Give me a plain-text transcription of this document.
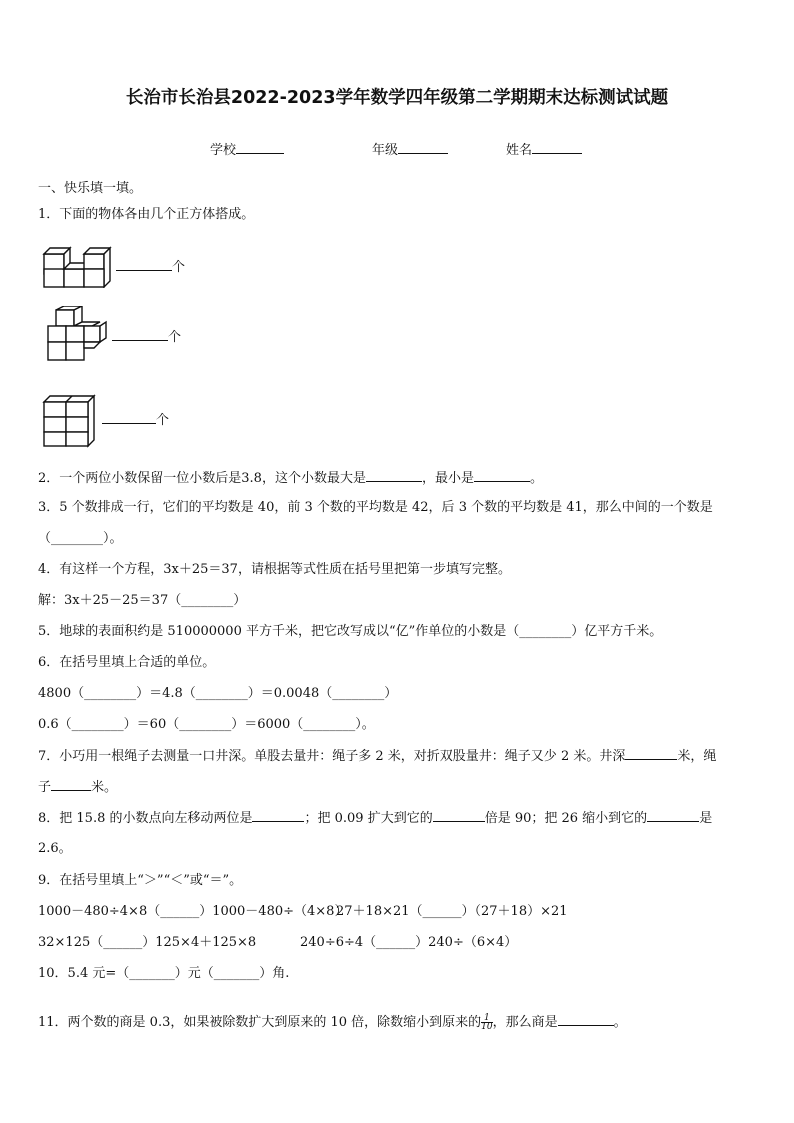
长治市长治县2022-2023学年数学四年级第二学期期末达标测试试题
学校	年级	姓名
一、快乐填一填。
1．下面的物体各由几个正方体搭成。
个
个
个
2．一个两位小数保留一位小数后是3.8，这个小数最大是	，最小是	。
3．5 个数排成一行，它们的平均数是 40，前 3 个数的平均数是 42，后 3 个数的平均数是 41，那么中间的一个数是
（________）。
4．有这样一个方程，3x＋25＝37，请根据等式性质在括号里把第一步填写完整。
解：3x＋25－25＝37（________）
5．地球的表面积约是 510000000 平方千米，把它改写成以“亿”作单位的小数是（________）亿平方千米。
6．在括号里填上合适的单位。
4800（________）＝4.8（________）＝0.0048（________）
0.6（________）＝60（________）＝6000（________）。
7．小巧用一根绳子去测量一口井深。单股去量井：绳子多 2 米，对折双股量井：绳子又少 2 米。井深	米，绳
子	米。
8．把 15.8 的小数点向左移动两位是	；把 0.09 扩大到它的	倍是 90；把 26 缩小到它的	是
2.6。
9．在括号里填上“＞”“＜”或“＝”。
1000－480÷4×8（______）1000－480÷（4×8）
27＋18×21（______）（27＋18）×21
32×125（______）125×4＋125×8	240÷6÷4（______）240÷（6×4）
10．5.4 元=（_______）元（_______）角.
11．两个数的商是 0.3，如果被除数扩大到原来的 10 倍，除数缩小到原来的 $\frac{1}{10}$ ，那么商是	。
